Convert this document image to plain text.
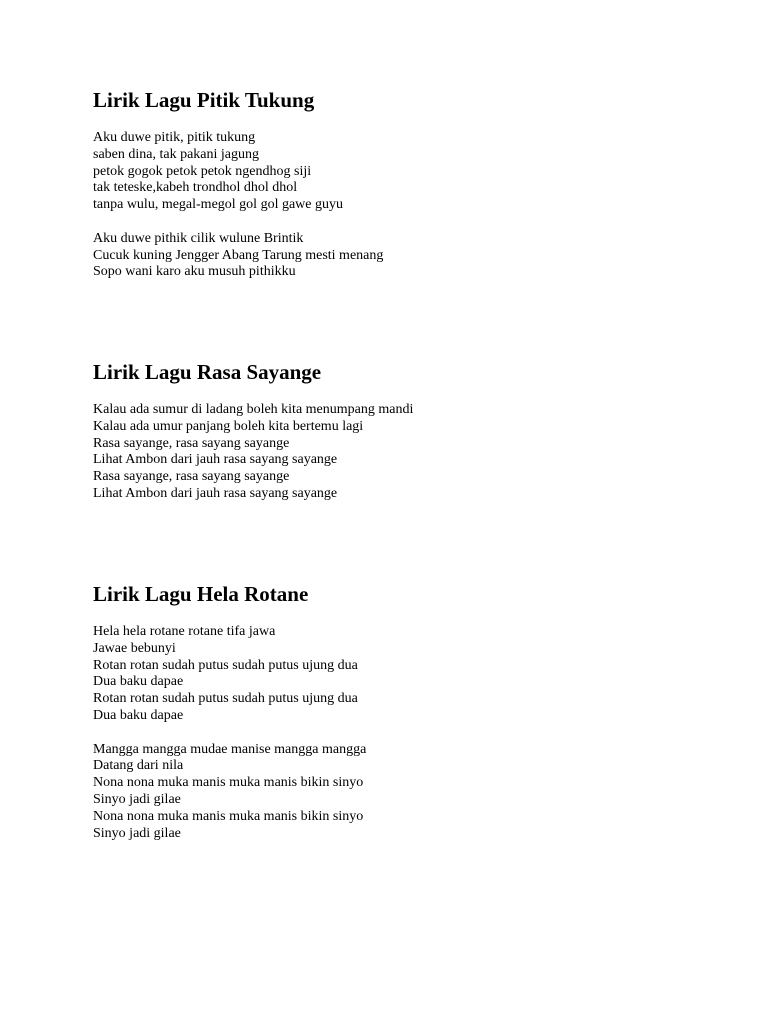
Lirik Lagu Pitik Tukung
Aku duwe pitik, pitik tukung
saben dina, tak pakani jagung
petok gogok petok petok ngendhog siji
tak teteske,kabeh trondhol dhol dhol
tanpa wulu, megal-megol gol gol gawe guyu
Aku duwe pithik cilik wulune Brintik
Cucuk kuning Jengger Abang Tarung mesti menang
Sopo wani karo aku musuh pithikku
Lirik Lagu Rasa Sayange
Kalau ada sumur di ladang boleh kita menumpang mandi
Kalau ada umur panjang boleh kita bertemu lagi
Rasa sayange, rasa sayang sayange
Lihat Ambon dari jauh rasa sayang sayange
Rasa sayange, rasa sayang sayange
Lihat Ambon dari jauh rasa sayang sayange
Lirik Lagu Hela Rotane
Hela hela rotane rotane tifa jawa
Jawae bebunyi
Rotan rotan sudah putus sudah putus ujung dua
Dua baku dapae
Rotan rotan sudah putus sudah putus ujung dua
Dua baku dapae
Mangga mangga mudae manise mangga mangga
Datang dari nila
Nona nona muka manis muka manis bikin sinyo
Sinyo jadi gilae
Nona nona muka manis muka manis bikin sinyo
Sinyo jadi gilae
